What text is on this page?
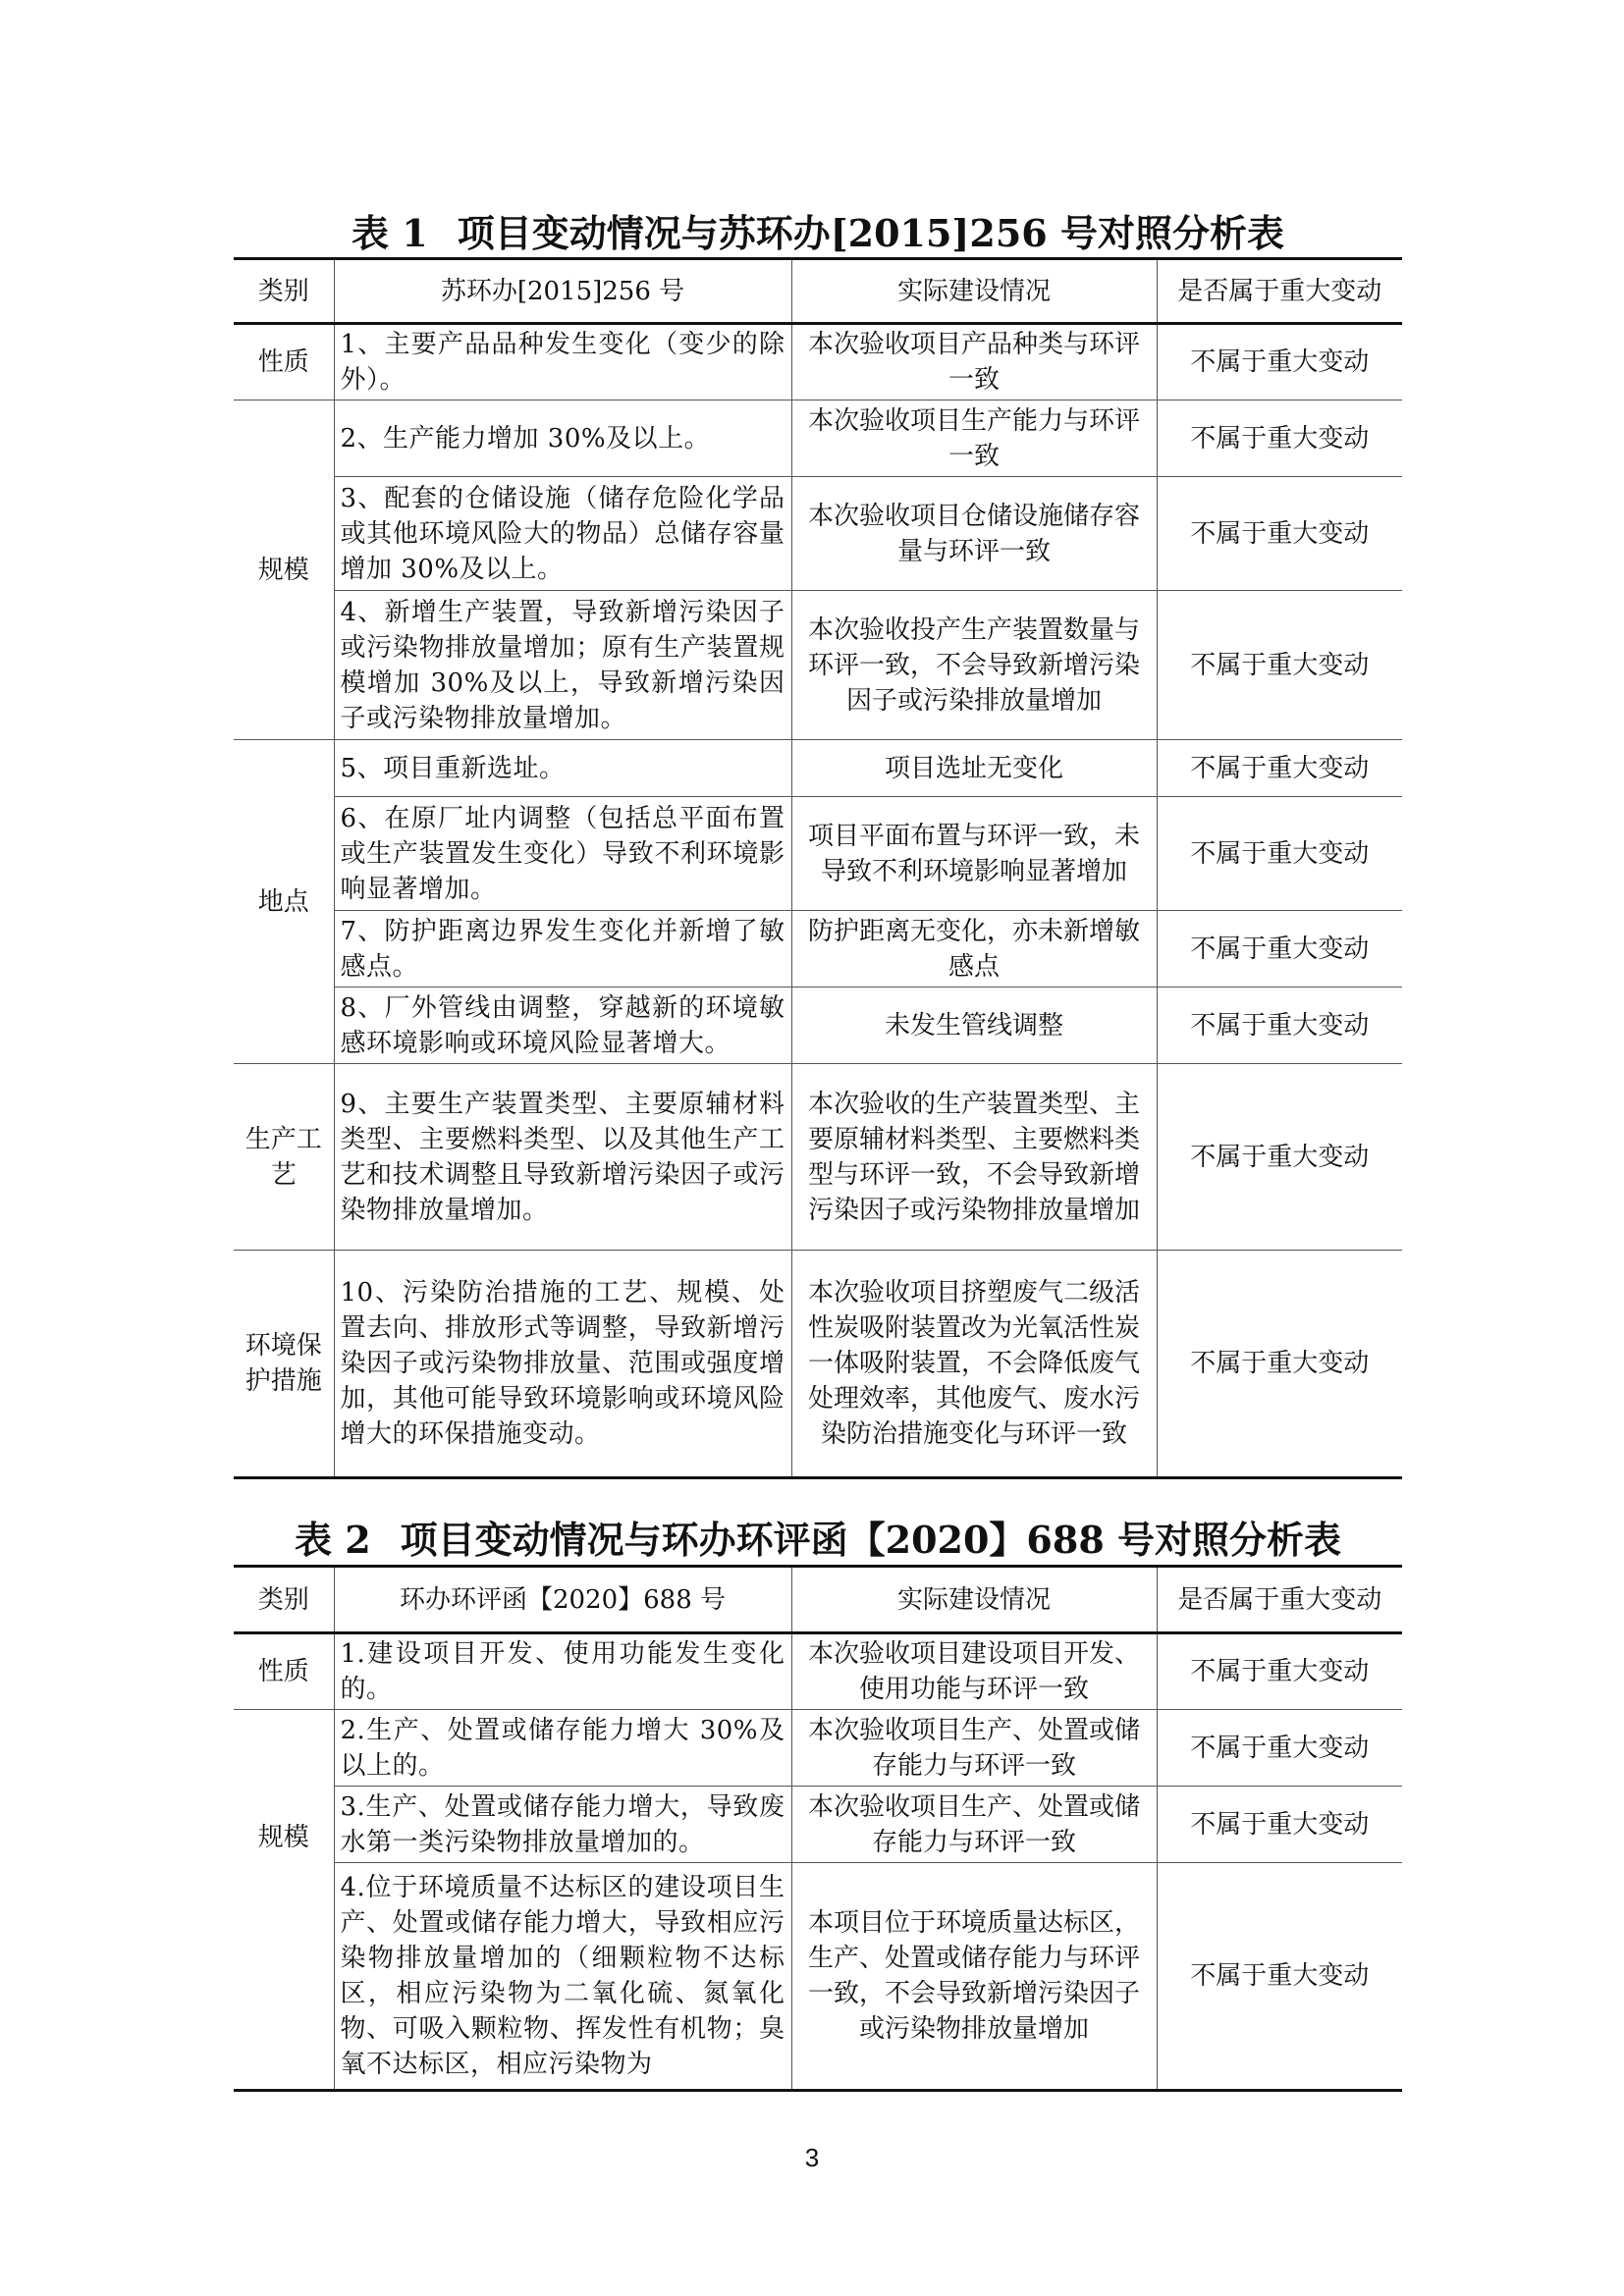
表 1 项目变动情况与苏环办[2015]256 号对照分析表
类别	苏环办[2015]256 号	实际建设情况	是否属于重大变动
性质	1、主要产品品种发生变化（变少的除外）。	本次验收项目产品种类与环评一致	不属于重大变动
规模	2、生产能力增加 30%及以上。	本次验收项目生产能力与环评一致	不属于重大变动
	3、配套的仓储设施（储存危险化学品或其他环境风险大的物品）总储存容量增加 30%及以上。	本次验收项目仓储设施储存容量与环评一致	不属于重大变动
	4、新增生产装置，导致新增污染因子或污染物排放量增加；原有生产装置规模增加 30%及以上，导致新增污染因子或污染物排放量增加。	本次验收投产生产装置数量与环评一致，不会导致新增污染因子或污染排放量增加	不属于重大变动
地点	5、项目重新选址。	项目选址无变化	不属于重大变动
	6、在原厂址内调整（包括总平面布置或生产装置发生变化）导致不利环境影响显著增加。	项目平面布置与环评一致，未导致不利环境影响显著增加	不属于重大变动
	7、防护距离边界发生变化并新增了敏感点。	防护距离无变化，亦未新增敏感点	不属于重大变动
	8、厂外管线由调整，穿越新的环境敏感环境影响或环境风险显著增大。	未发生管线调整	不属于重大变动
生产工艺	9、主要生产装置类型、主要原辅材料类型、主要燃料类型、以及其他生产工艺和技术调整且导致新增污染因子或污染物排放量增加。	本次验收的生产装置类型、主要原辅材料类型、主要燃料类型与环评一致，不会导致新增污染因子或污染物排放量增加	不属于重大变动
环境保护措施	10、污染防治措施的工艺、规模、处置去向、排放形式等调整，导致新增污染因子或污染物排放量、范围或强度增加，其他可能导致环境影响或环境风险增大的环保措施变动。	本次验收项目挤塑废气二级活性炭吸附装置改为光氧活性炭一体吸附装置，不会降低废气处理效率，其他废气、废水污染防治措施变化与环评一致	不属于重大变动
表 2 项目变动情况与环办环评函【2020】688 号对照分析表
类别	环办环评函【2020】688 号	实际建设情况	是否属于重大变动
性质	1.建设项目开发、使用功能发生变化的。	本次验收项目建设项目开发、使用功能与环评一致	不属于重大变动
规模	2.生产、处置或储存能力增大 30%及以上的。	本次验收项目生产、处置或储存能力与环评一致	不属于重大变动
	3.生产、处置或储存能力增大，导致废水第一类污染物排放量增加的。	本次验收项目生产、处置或储存能力与环评一致	不属于重大变动
	4.位于环境质量不达标区的建设项目生产、处置或储存能力增大，导致相应污染物排放量增加的（细颗粒物不达标区，相应污染物为二氧化硫、氮氧化物、可吸入颗粒物、挥发性有机物；臭氧不达标区，相应污染物为	本项目位于环境质量达标区，生产、处置或储存能力与环评一致，不会导致新增污染因子或污染物排放量增加	不属于重大变动
3
